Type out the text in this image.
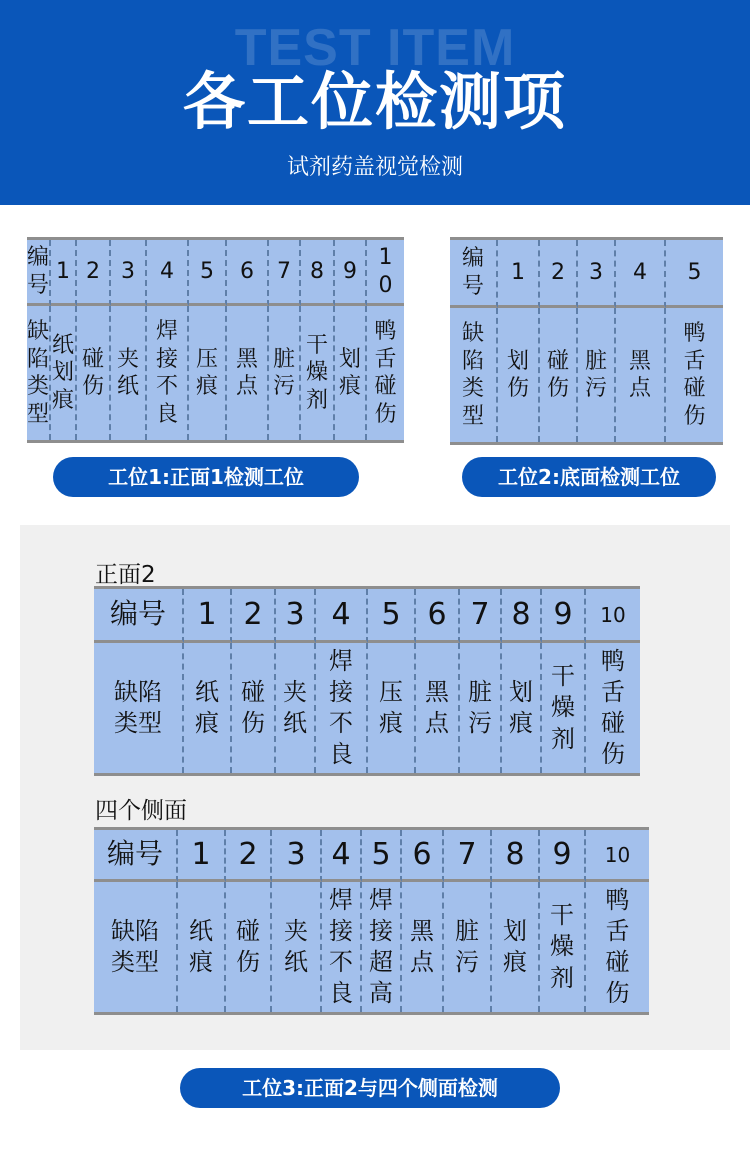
TEST ITEM
各工位检测项
试剂药盖视觉检测
编
号	1	2	3	4	5	6	7	8	9	1
0

缺
陷
类
型	纸
划
痕	碰
伤	夹
纸	焊
接
不
良	压
痕	黑
点	脏
污	干
燥
剂	划
痕	鸭
舌
碰
伤
编
号	1	2	3	4	5

缺
陷
类
型	划
伤	碰
伤	脏
污	黑
点	鸭
舌
碰
伤
工位1:正面1检测工位	工位2:底面检测工位
正面2
编号	1	2	3	4	5	6	7	8	9	10

缺陷
类型	纸
痕	碰
伤	夹
纸	焊
接
不
良	压
痕	黑
点	脏
污	划
痕	干
燥
剂	鸭
舌
碰
伤
四个侧面
编号	1	2	3	4	5	6	7	8	9	10

缺陷
类型	纸
痕	碰
伤	夹
纸	焊
接
不
良	焊
接
超
高	黑
点	脏
污	划
痕	干
燥
剂	鸭
舌
碰
伤
工位3:正面2与四个侧面检测
